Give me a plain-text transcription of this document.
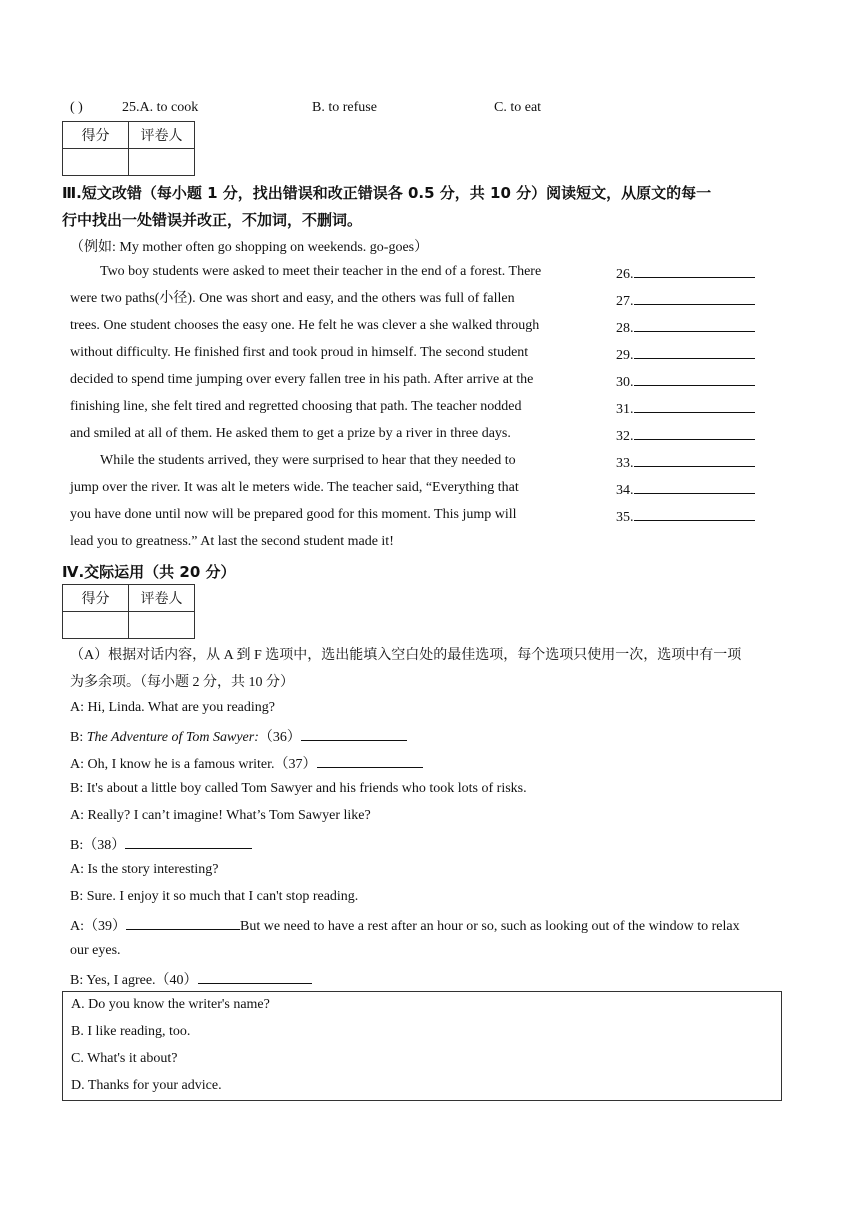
( )	25.A. to cook	B. to refuse	C. to eat
得分	评卷人

Ⅲ.短文改错（每小题 1 分，找出错误和改正错误各 0.5 分，共 10 分）阅读短文，从原文的每一
行中找出一处错误并改正，不加词，不删词。
（例如: My mother often go shopping on weekends. go-goes）
Two boy students were asked to meet their teacher in the end of a forest. There
were two paths(小径). One was short and easy, and the others was full of fallen
trees. One student chooses the easy one. He felt he was clever a she walked through
without difficulty. He finished first and took proud in himself. The second student
decided to spend time jumping over every fallen tree in his path. After arrive at the
finishing line, she felt tired and regretted choosing that path. The teacher nodded
and smiled at all of them. He asked them to get a prize by a river in three days.
While the students arrived, they were surprised to hear that they needed to
jump over the river. It was alt le meters wide. The teacher said, “Everything that
you have done until now will be prepared good for this moment. This jump will
lead you to greatness.” At last the second student made it!
26.
27.
28.
29.
30.
31.
32.
33.
34.
35.
Ⅳ.交际运用（共 20 分）
得分	评卷人

（A）根据对话内容，从 A 到 F 选项中，选出能填入空白处的最佳选项，每个选项只使用一次，选项中有一项
为多余项。（每小题 2 分，共 10 分）
A: Hi, Linda. What are you reading?
B: The Adventure of Tom Sawyer:（36）
A: Oh, I know he is a famous writer.（37）
B: It's about a little boy called Tom Sawyer and his friends who took lots of risks.
A: Really? I can’t imagine! What’s Tom Sawyer like?
B:（38）
A: Is the story interesting?
B: Sure. I enjoy it so much that I can't stop reading.
A:（39）	But we need to have a rest after an hour or so, such as looking out of the window to relax
our eyes.
B: Yes, I agree.（40）
A. Do you know the writer's name?
B. I like reading, too.
C. What's it about?
D. Thanks for your advice.
